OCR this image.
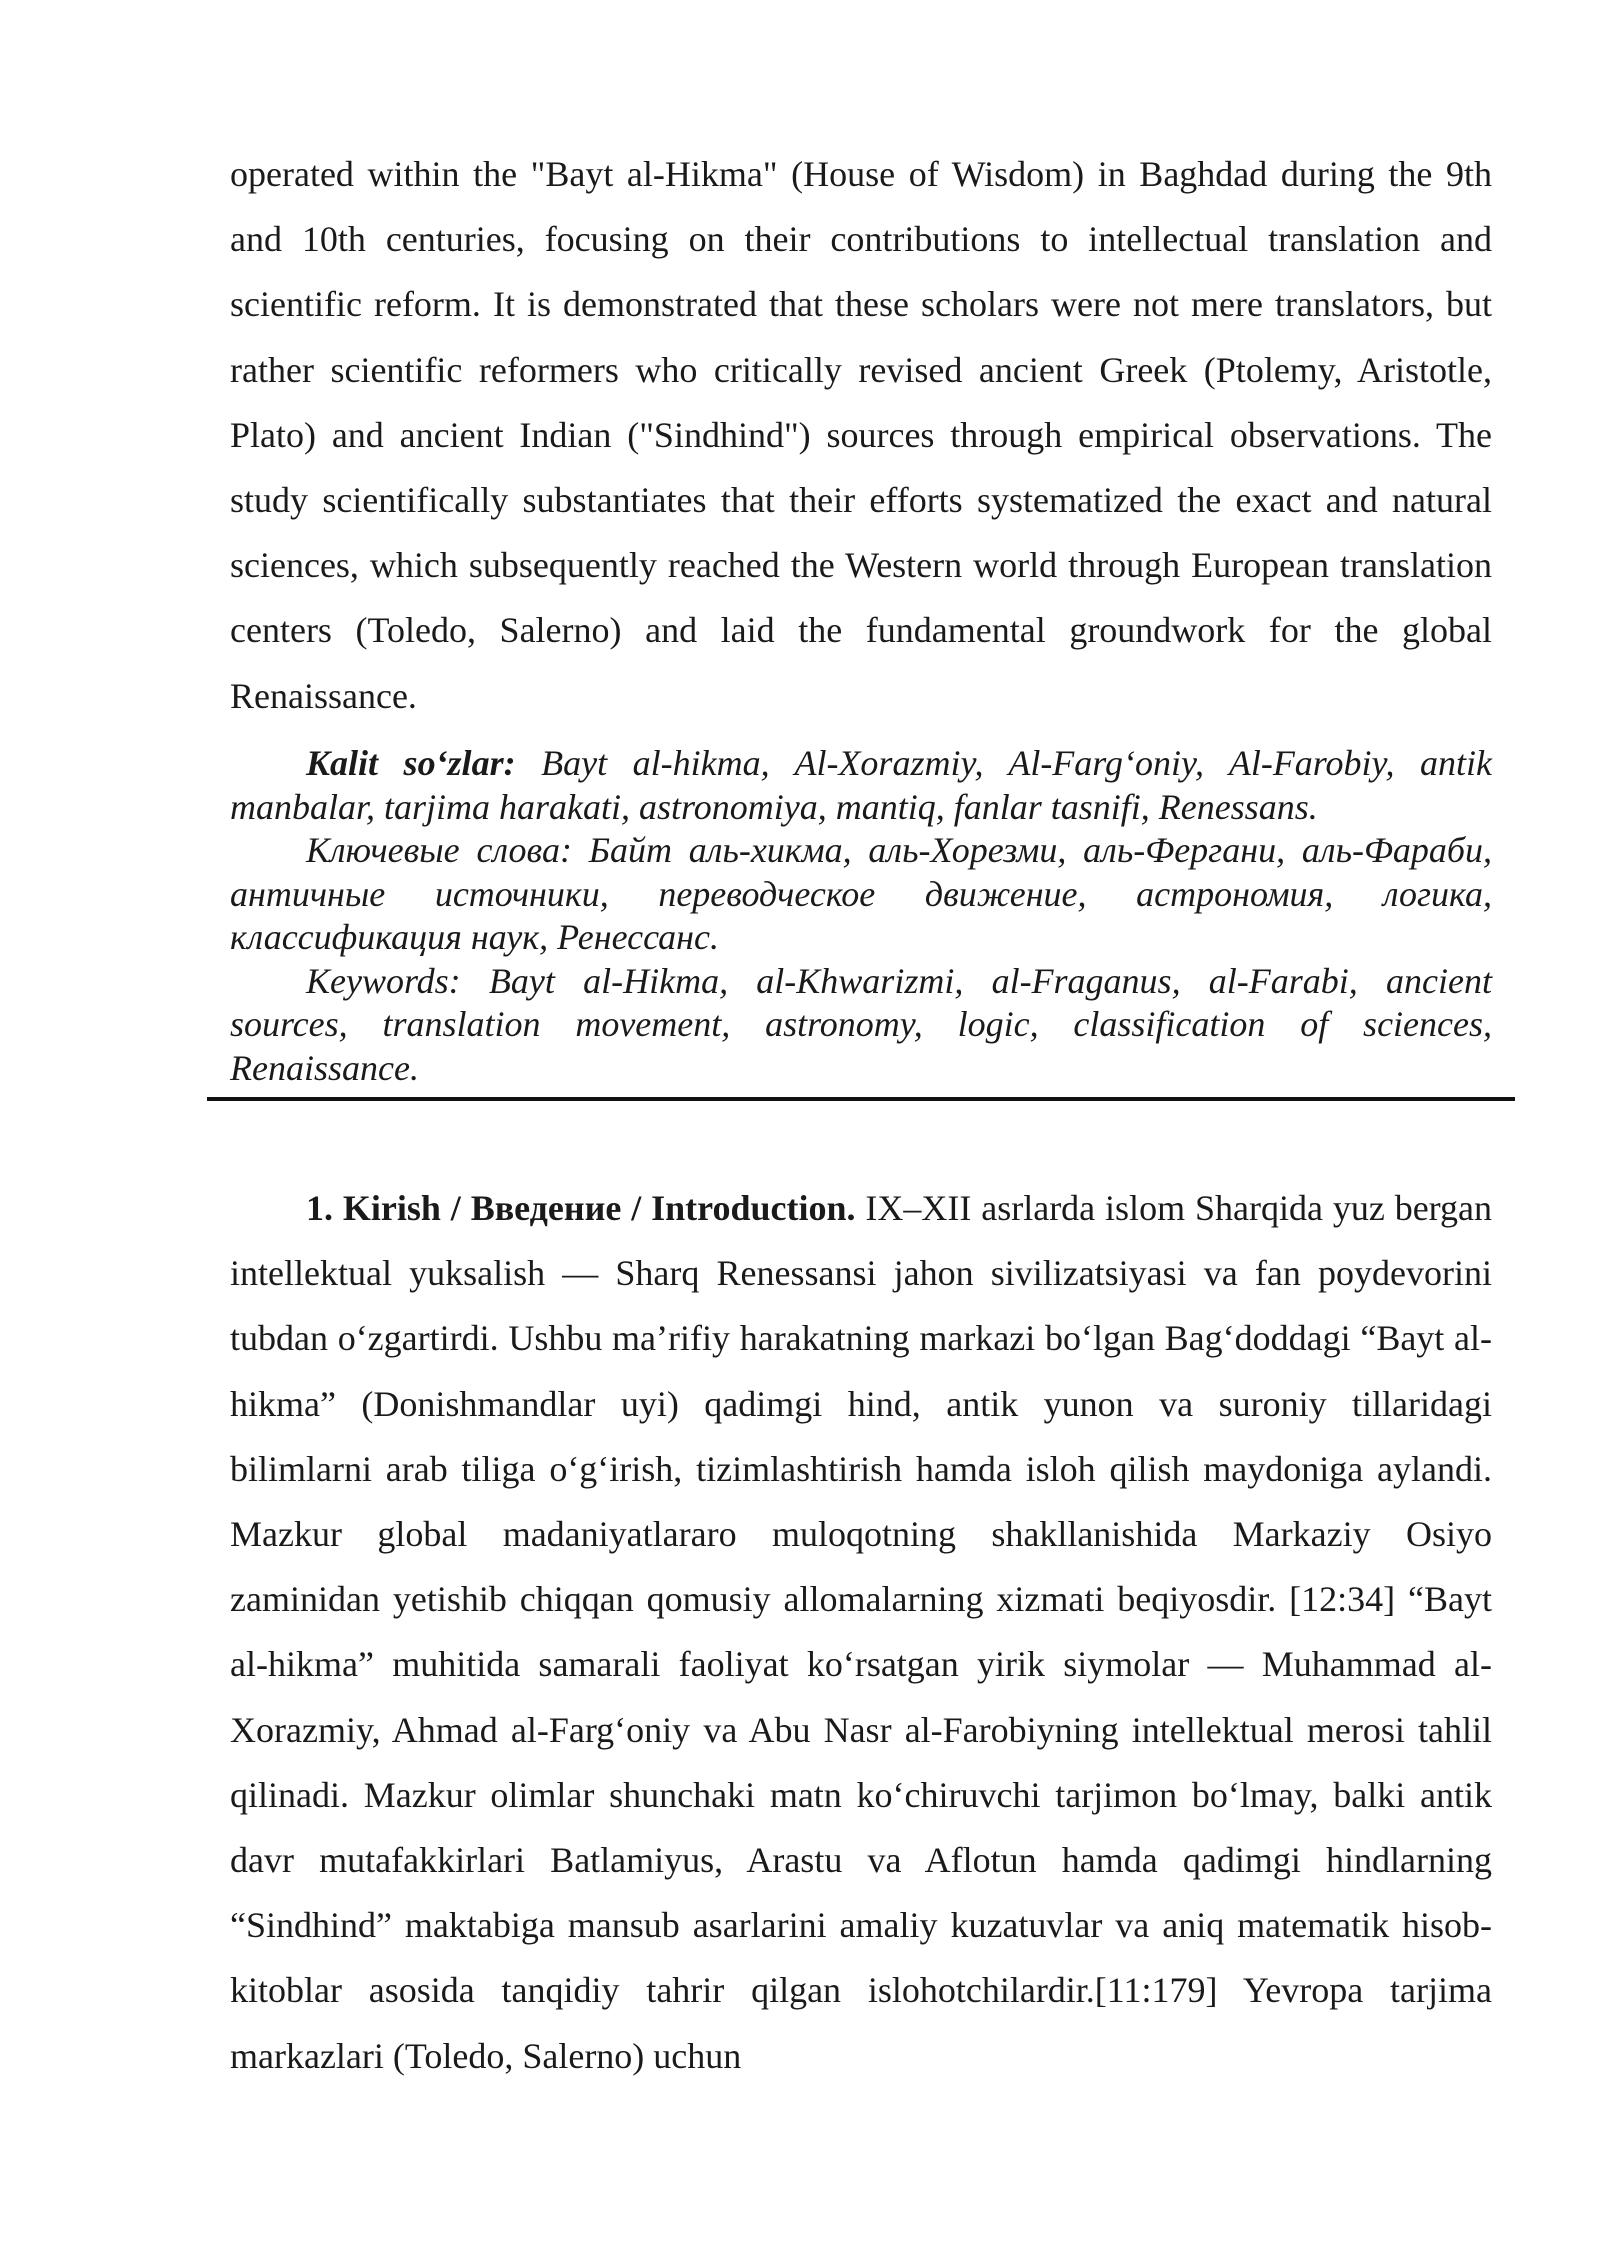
operated within the "Bayt al-Hikma" (House of Wisdom) in Baghdad during the 9th and 10th centuries, focusing on their contributions to intellectual translation and scientific reform. It is demonstrated that these scholars were not mere translators, but rather scientific reformers who critically revised ancient Greek (Ptolemy, Aristotle, Plato) and ancient Indian ("Sindhind") sources through empirical observations. The study scientifically substantiates that their efforts systematized the exact and natural sciences, which subsequently reached the Western world through European translation centers (Toledo, Salerno) and laid the fundamental groundwork for the global Renaissance.

Kalit so‘zlar: Bayt al-hikma, Al-Xorazmiy, Al-Farg‘oniy, Al-Farobiy, antik manbalar, tarjima harakati, astronomiya, mantiq, fanlar tasnifi, Renessans.

Ключевые слова: Байт аль-хикма, аль-Хорезми, аль-Фергани, аль-Фараби, античные источники, переводческое движение, астрономия, логика, классификация наук, Ренессанс.

Keywords: Bayt al-Hikma, al-Khwarizmi, al-Fraganus, al-Farabi, ancient sources, translation movement, astronomy, logic, classification of sciences, Renaissance.

1. Kirish / Введение / Introduction. IX–XII asrlarda islom Sharqida yuz bergan intellektual yuksalish — Sharq Renessansi jahon sivilizatsiyasi va fan poydevorini tubdan o‘zgartirdi. Ushbu ma’rifiy harakatning markazi bo‘lgan Bag‘doddagi “Bayt al-hikma” (Donishmandlar uyi) qadimgi hind, antik yunon va suroniy tillaridagi bilimlarni arab tiliga o‘g‘irish, tizimlashtirish hamda isloh qilish maydoniga aylandi. Mazkur global madaniyatlararo muloqotning shakllanishida Markaziy Osiyo zaminidan yetishib chiqqan qomusiy allomalarning xizmati beqiyosdir. [12:34] “Bayt al-hikma” muhitida samarali faoliyat ko‘rsatgan yirik siymolar — Muhammad al-Xorazmiy, Ahmad al-Farg‘oniy va Abu Nasr al-Farobiyning intellektual merosi tahlil qilinadi. Mazkur olimlar shunchaki matn ko‘chiruvchi tarjimon bo‘lmay, balki antik davr mutafakkirlari Batlamiyus, Arastu va Aflotun hamda qadimgi hindlarning “Sindhind” maktabiga mansub asarlarini amaliy kuzatuvlar va aniq matematik hisob-kitoblar asosida tanqidiy tahrir qilgan islohotchilardir.[11:179] Yevropa tarjima markazlari (Toledo, Salerno) uchun
